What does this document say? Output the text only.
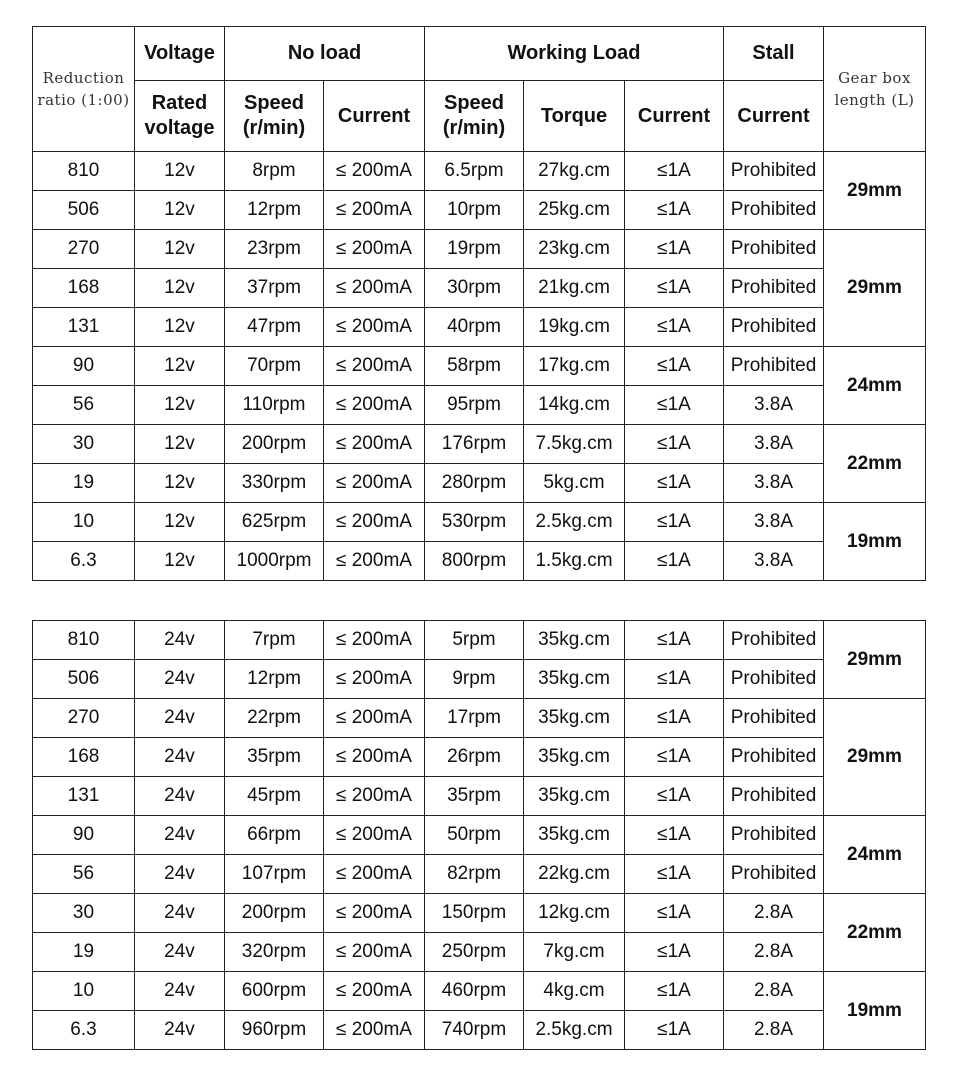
Reduction ratio (1:00)	Voltage	No load		Working Load			Stall	Gear box length (L)
	Rated voltage	Speed (r/min)	Current	Speed (r/min)	Torque	Current	Current	
810	12v	8rpm	≤ 200mA	6.5rpm	27kg.cm	≤1A	Prohibited	29mm
506	12v	12rpm	≤ 200mA	10rpm	25kg.cm	≤1A	Prohibited	
270	12v	23rpm	≤ 200mA	19rpm	23kg.cm	≤1A	Prohibited	29mm
168	12v	37rpm	≤ 200mA	30rpm	21kg.cm	≤1A	Prohibited	
131	12v	47rpm	≤ 200mA	40rpm	19kg.cm	≤1A	Prohibited	
90	12v	70rpm	≤ 200mA	58rpm	17kg.cm	≤1A	Prohibited	24mm
56	12v	110rpm	≤ 200mA	95rpm	14kg.cm	≤1A	3.8A	
30	12v	200rpm	≤ 200mA	176rpm	7.5kg.cm	≤1A	3.8A	22mm
19	12v	330rpm	≤ 200mA	280rpm	5kg.cm	≤1A	3.8A	
10	12v	625rpm	≤ 200mA	530rpm	2.5kg.cm	≤1A	3.8A	19mm
6.3	12v	1000rpm	≤ 200mA	800rpm	1.5kg.cm	≤1A	3.8A	
810	24v	7rpm	≤ 200mA	5rpm	35kg.cm	≤1A	Prohibited	29mm
506	24v	12rpm	≤ 200mA	9rpm	35kg.cm	≤1A	Prohibited	
270	24v	22rpm	≤ 200mA	17rpm	35kg.cm	≤1A	Prohibited	29mm
168	24v	35rpm	≤ 200mA	26rpm	35kg.cm	≤1A	Prohibited	
131	24v	45rpm	≤ 200mA	35rpm	35kg.cm	≤1A	Prohibited	
90	24v	66rpm	≤ 200mA	50rpm	35kg.cm	≤1A	Prohibited	24mm
56	24v	107rpm	≤ 200mA	82rpm	22kg.cm	≤1A	Prohibited	
30	24v	200rpm	≤ 200mA	150rpm	12kg.cm	≤1A	2.8A	22mm
19	24v	320rpm	≤ 200mA	250rpm	7kg.cm	≤1A	2.8A	
10	24v	600rpm	≤ 200mA	460rpm	4kg.cm	≤1A	2.8A	19mm
6.3	24v	960rpm	≤ 200mA	740rpm	2.5kg.cm	≤1A	2.8A	
